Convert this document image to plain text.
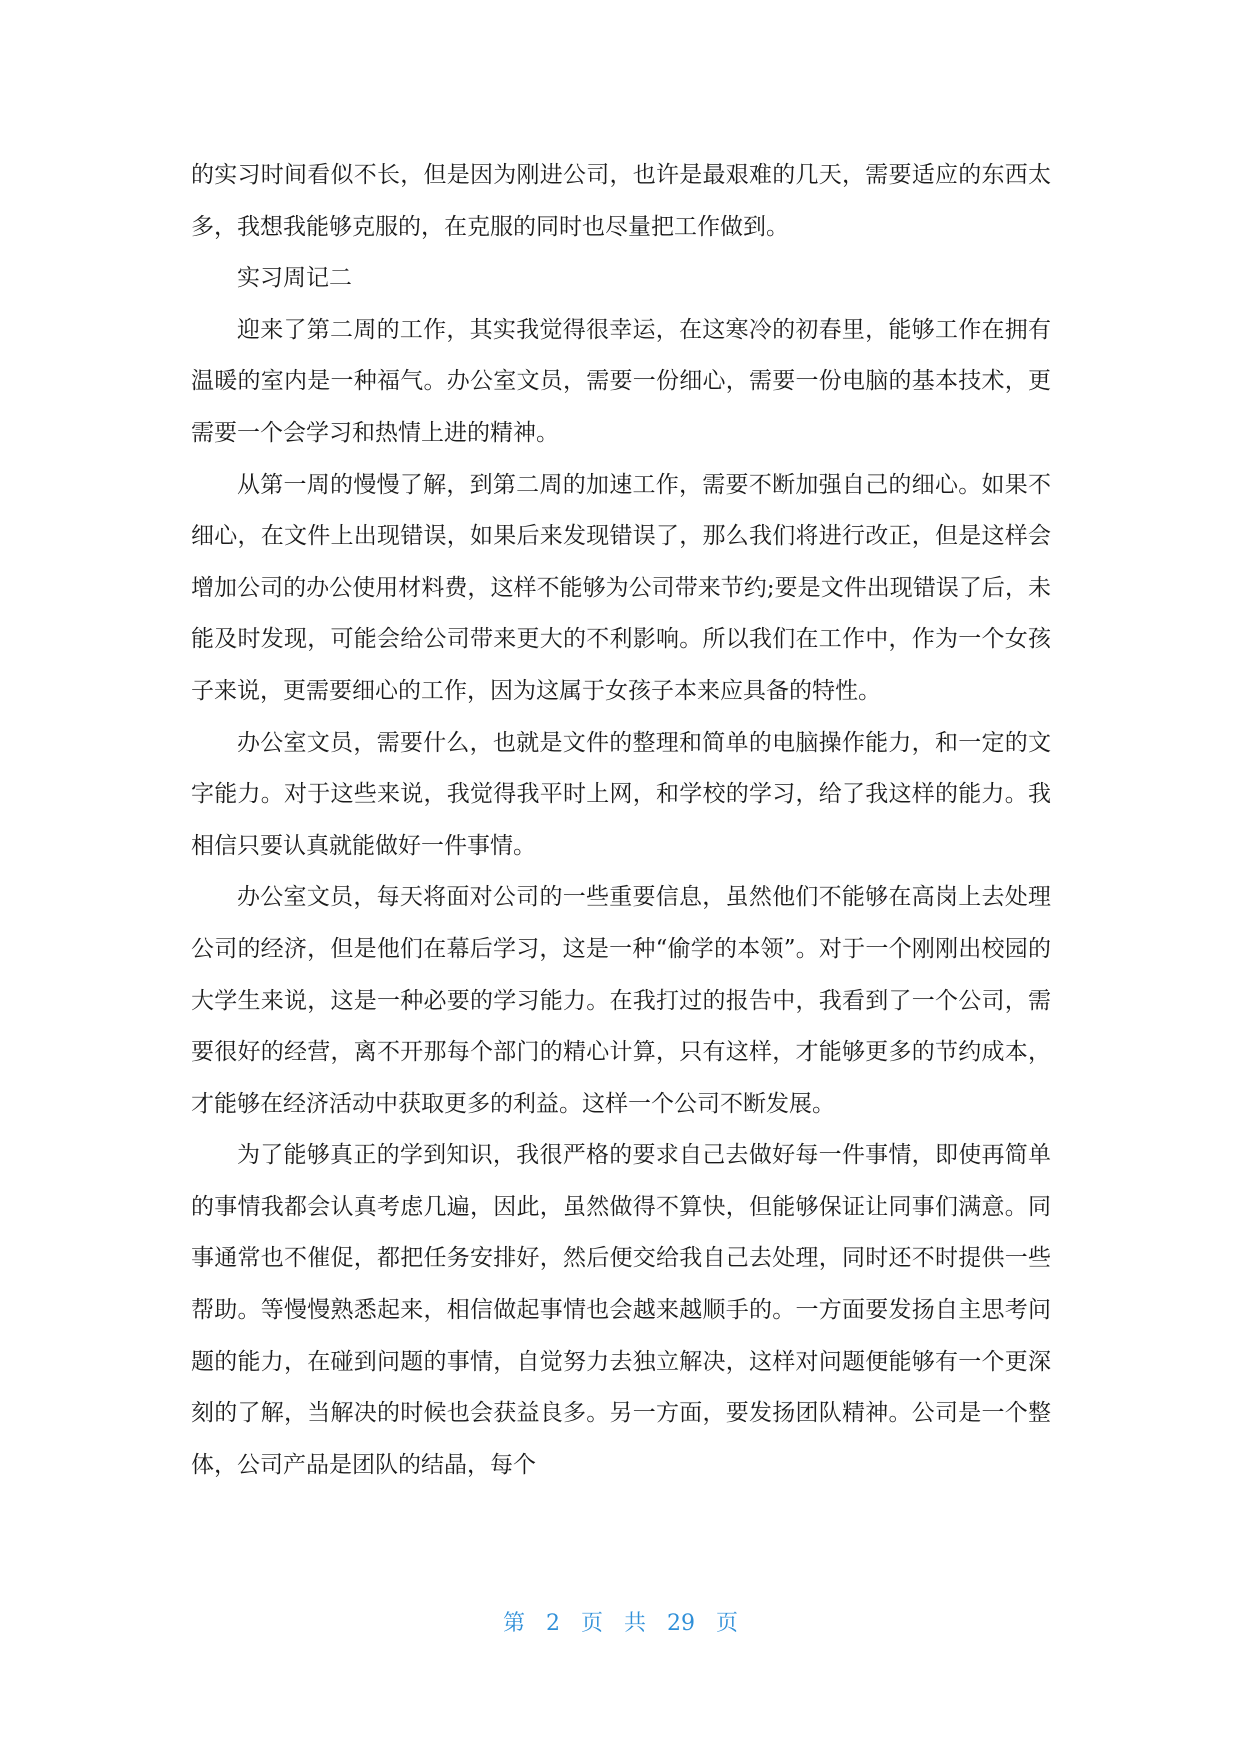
的实习时间看似不长，但是因为刚进公司，也许是最艰难的几天，需要适应的东西太多，我想我能够克服的，在克服的同时也尽量把工作做到。

实习周记二

迎来了第二周的工作，其实我觉得很幸运，在这寒冷的初春里，能够工作在拥有温暖的室内是一种福气。办公室文员，需要一份细心，需要一份电脑的基本技术，更需要一个会学习和热情上进的精神。

从第一周的慢慢了解，到第二周的加速工作，需要不断加强自己的细心。如果不细心，在文件上出现错误，如果后来发现错误了，那么我们将进行改正，但是这样会增加公司的办公使用材料费，这样不能够为公司带来节约;要是文件出现错误了后，未能及时发现，可能会给公司带来更大的不利影响。所以我们在工作中，作为一个女孩子来说，更需要细心的工作，因为这属于女孩子本来应具备的特性。

办公室文员，需要什么，也就是文件的整理和简单的电脑操作能力，和一定的文字能力。对于这些来说，我觉得我平时上网，和学校的学习，给了我这样的能力。我相信只要认真就能做好一件事情。

办公室文员，每天将面对公司的一些重要信息，虽然他们不能够在高岗上去处理公司的经济，但是他们在幕后学习，这是一种“偷学的本领”。对于一个刚刚出校园的大学生来说，这是一种必要的学习能力。在我打过的报告中，我看到了一个公司，需要很好的经营，离不开那每个部门的精心计算，只有这样，才能够更多的节约成本，才能够在经济活动中获取更多的利益。这样一个公司不断发展。

为了能够真正的学到知识，我很严格的要求自己去做好每一件事情，即使再简单的事情我都会认真考虑几遍，因此，虽然做得不算快，但能够保证让同事们满意。同事通常也不催促，都把任务安排好，然后便交给我自己去处理，同时还不时提供一些帮助。等慢慢熟悉起来，相信做起事情也会越来越顺手的。一方面要发扬自主思考问题的能力，在碰到问题的事情，自觉努力去独立解决，这样对问题便能够有一个更深刻的了解，当解决的时候也会获益良多。另一方面，要发扬团队精神。公司是一个整体，公司产品是团队的结晶，每个

第 2 页   共 29 页
